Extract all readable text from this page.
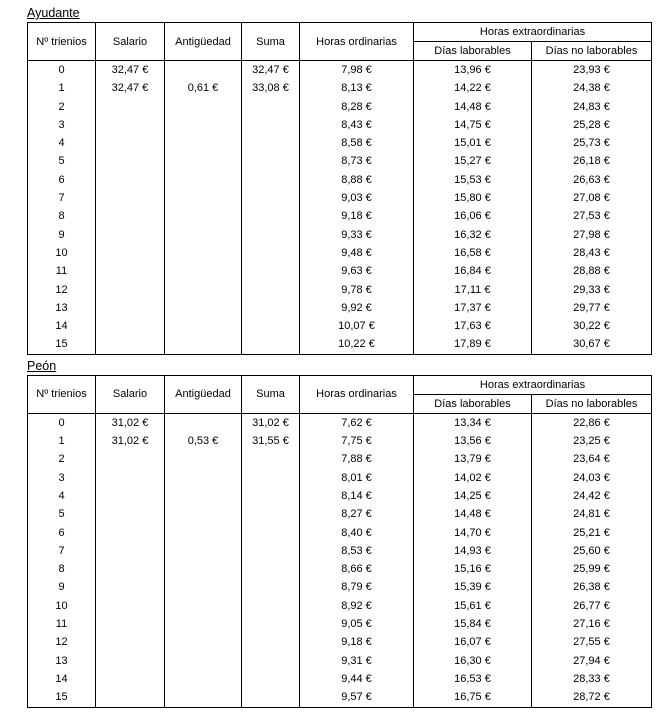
Ayudante
Nº trienios	Salario	Antigüedad	Suma	Horas ordinarias	Horas extraordinarias	
					Días laborables	Días no laborables
0	32,47 €		32,47 €	7,98 €	13,96 €	23,93 €
1	32,47 €	0,61 €	33,08 €	8,13 €	14,22 €	24,38 €
2				8,28 €	14,48 €	24,83 €
3				8,43 €	14,75 €	25,28 €
4				8,58 €	15,01 €	25,73 €
5				8,73 €	15,27 €	26,18 €
6				8,88 €	15,53 €	26,63 €
7				9,03 €	15,80 €	27,08 €
8				9,18 €	16,06 €	27,53 €
9				9,33 €	16,32 €	27,98 €
10				9,48 €	16,58 €	28,43 €
11				9,63 €	16,84 €	28,88 €
12				9,78 €	17,11 €	29,33 €
13				9,92 €	17,37 €	29,77 €
14				10,07 €	17,63 €	30,22 €
15				10,22 €	17,89 €	30,67 €
Peón
Nº trienios	Salario	Antigüedad	Suma	Horas ordinarias	Horas extraordinarias	
					Días laborables	Días no laborables
0	31,02 €		31,02 €	7,62 €	13,34 €	22,86 €
1	31,02 €	0,53 €	31,55 €	7,75 €	13,56 €	23,25 €
2				7,88 €	13,79 €	23,64 €
3				8,01 €	14,02 €	24,03 €
4				8,14 €	14,25 €	24,42 €
5				8,27 €	14,48 €	24,81 €
6				8,40 €	14,70 €	25,21 €
7				8,53 €	14,93 €	25,60 €
8				8,66 €	15,16 €	25,99 €
9				8,79 €	15,39 €	26,38 €
10				8,92 €	15,61 €	26,77 €
11				9,05 €	15,84 €	27,16 €
12				9,18 €	16,07 €	27,55 €
13				9,31 €	16,30 €	27,94 €
14				9,44 €	16,53 €	28,33 €
15				9,57 €	16,75 €	28,72 €
